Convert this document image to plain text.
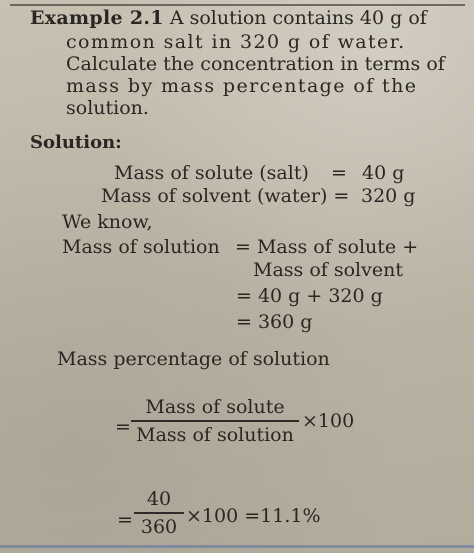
Example 2.1 A solution contains 40 g of
common salt in 320 g of water.
Calculate the concentration in terms of
mass by mass percentage of the
solution.
Solution:
Mass of solute (salt) = 40 g
Mass of solvent (water) = 320 g
We know,
Mass of solution = Mass of solute +
Mass of solvent
= 40 g + 320 g
= 360 g
Mass percentage of solution
=
Mass of solute
Mass of solution
×100
=
40
360 ×100 =11.1%
